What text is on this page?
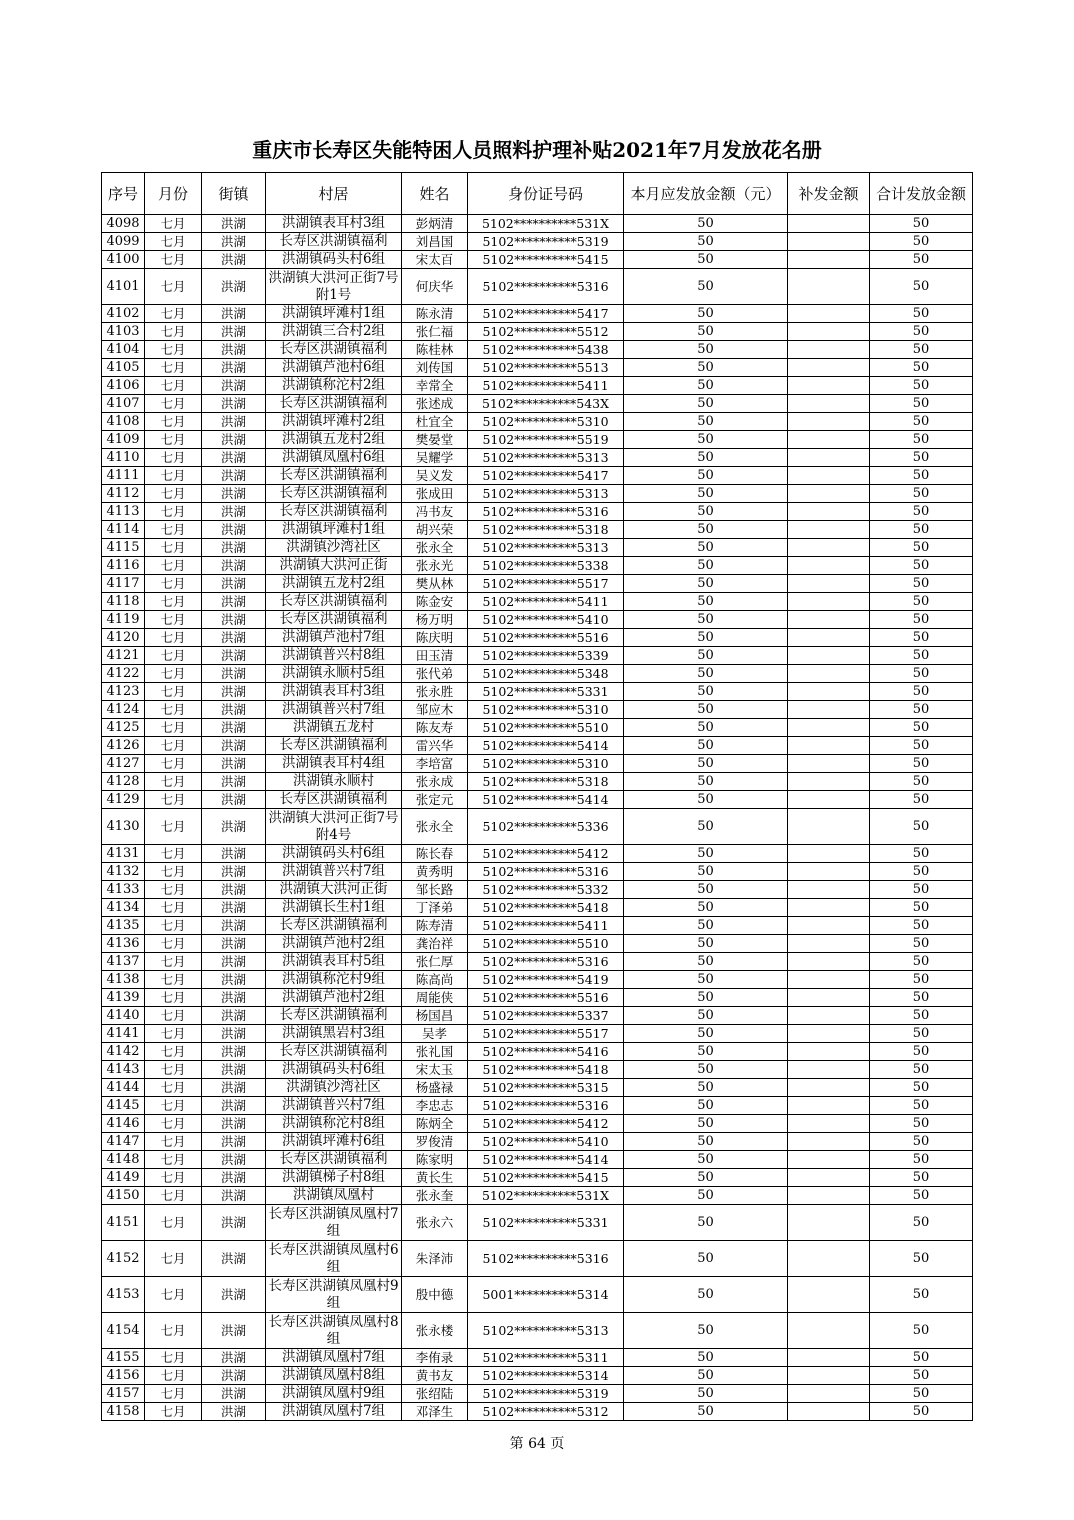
重庆市长寿区失能特困人员照料护理补贴2021年7月发放花名册
序号	月份	街镇	村居	姓名	身份证号码	本月应发放金额（元）	补发金额	合计发放金额
4098	七月	洪湖	洪湖镇表耳村3组	彭炳清	5102**********531X	50		50
4099	七月	洪湖	长寿区洪湖镇福利	刘昌国	5102**********5319	50		50
4100	七月	洪湖	洪湖镇码头村6组	宋太百	5102**********5415	50		50
4101	七月	洪湖	洪湖镇大洪河正街7号附1号	何庆华	5102**********5316	50		50
4102	七月	洪湖	洪湖镇坪滩村1组	陈永清	5102**********5417	50		50
4103	七月	洪湖	洪湖镇三合村2组	张仁福	5102**********5512	50		50
4104	七月	洪湖	长寿区洪湖镇福利	陈桂林	5102**********5438	50		50
4105	七月	洪湖	洪湖镇芦池村6组	刘传国	5102**********5513	50		50
4106	七月	洪湖	洪湖镇称沱村2组	幸常全	5102**********5411	50		50
4107	七月	洪湖	长寿区洪湖镇福利	张述成	5102**********543X	50		50
4108	七月	洪湖	洪湖镇坪滩村2组	杜宜全	5102**********5310	50		50
4109	七月	洪湖	洪湖镇五龙村2组	樊晏堂	5102**********5519	50		50
4110	七月	洪湖	洪湖镇凤凰村6组	吴耀学	5102**********5313	50		50
4111	七月	洪湖	长寿区洪湖镇福利	吴义发	5102**********5417	50		50
4112	七月	洪湖	长寿区洪湖镇福利	张成田	5102**********5313	50		50
4113	七月	洪湖	长寿区洪湖镇福利	冯书友	5102**********5316	50		50
4114	七月	洪湖	洪湖镇坪滩村1组	胡兴荣	5102**********5318	50		50
4115	七月	洪湖	洪湖镇沙湾社区	张永全	5102**********5313	50		50
4116	七月	洪湖	洪湖镇大洪河正街	张永光	5102**********5338	50		50
4117	七月	洪湖	洪湖镇五龙村2组	樊从林	5102**********5517	50		50
4118	七月	洪湖	长寿区洪湖镇福利	陈金安	5102**********5411	50		50
4119	七月	洪湖	长寿区洪湖镇福利	杨万明	5102**********5410	50		50
4120	七月	洪湖	洪湖镇芦池村7组	陈庆明	5102**********5516	50		50
4121	七月	洪湖	洪湖镇普兴村8组	田玉清	5102**********5339	50		50
4122	七月	洪湖	洪湖镇永顺村5组	张代弟	5102**********5348	50		50
4123	七月	洪湖	洪湖镇表耳村3组	张永胜	5102**********5331	50		50
4124	七月	洪湖	洪湖镇普兴村7组	邹应木	5102**********5310	50		50
4125	七月	洪湖	洪湖镇五龙村	陈友寿	5102**********5510	50		50
4126	七月	洪湖	长寿区洪湖镇福利	雷兴华	5102**********5414	50		50
4127	七月	洪湖	洪湖镇表耳村4组	李培富	5102**********5310	50		50
4128	七月	洪湖	洪湖镇永顺村	张永成	5102**********5318	50		50
4129	七月	洪湖	长寿区洪湖镇福利	张定元	5102**********5414	50		50
4130	七月	洪湖	洪湖镇大洪河正街7号附4号	张永全	5102**********5336	50		50
4131	七月	洪湖	洪湖镇码头村6组	陈长春	5102**********5412	50		50
4132	七月	洪湖	洪湖镇普兴村7组	黄秀明	5102**********5316	50		50
4133	七月	洪湖	洪湖镇大洪河正街	邹长路	5102**********5332	50		50
4134	七月	洪湖	洪湖镇长生村1组	丁泽弟	5102**********5418	50		50
4135	七月	洪湖	长寿区洪湖镇福利	陈寿清	5102**********5411	50		50
4136	七月	洪湖	洪湖镇芦池村2组	龚治祥	5102**********5510	50		50
4137	七月	洪湖	洪湖镇表耳村5组	张仁厚	5102**********5316	50		50
4138	七月	洪湖	洪湖镇称沱村9组	陈高尚	5102**********5419	50		50
4139	七月	洪湖	洪湖镇芦池村2组	周能侠	5102**********5516	50		50
4140	七月	洪湖	长寿区洪湖镇福利	杨国昌	5102**********5337	50		50
4141	七月	洪湖	洪湖镇黑岩村3组	吴孝	5102**********5517	50		50
4142	七月	洪湖	长寿区洪湖镇福利	张礼国	5102**********5416	50		50
4143	七月	洪湖	洪湖镇码头村6组	宋太玉	5102**********5418	50		50
4144	七月	洪湖	洪湖镇沙湾社区	杨盛禄	5102**********5315	50		50
4145	七月	洪湖	洪湖镇普兴村7组	李忠志	5102**********5316	50		50
4146	七月	洪湖	洪湖镇称沱村8组	陈炳全	5102**********5412	50		50
4147	七月	洪湖	洪湖镇坪滩村6组	罗俊清	5102**********5410	50		50
4148	七月	洪湖	长寿区洪湖镇福利	陈家明	5102**********5414	50		50
4149	七月	洪湖	洪湖镇梯子村8组	黄长生	5102**********5415	50		50
4150	七月	洪湖	洪湖镇凤凰村	张永奎	5102**********531X	50		50
4151	七月	洪湖	长寿区洪湖镇凤凰村7组	张永六	5102**********5331	50		50
4152	七月	洪湖	长寿区洪湖镇凤凰村6组	朱泽沛	5102**********5316	50		50
4153	七月	洪湖	长寿区洪湖镇凤凰村9组	殷中德	5001**********5314	50		50
4154	七月	洪湖	长寿区洪湖镇凤凰村8组	张永楼	5102**********5313	50		50
4155	七月	洪湖	洪湖镇凤凰村7组	李侑录	5102**********5311	50		50
4156	七月	洪湖	洪湖镇凤凰村8组	黄书友	5102**********5314	50		50
4157	七月	洪湖	洪湖镇凤凰村9组	张绍陆	5102**********5319	50		50
4158	七月	洪湖	洪湖镇凤凰村7组	邓泽生	5102**********5312	50		50
第 64 页
